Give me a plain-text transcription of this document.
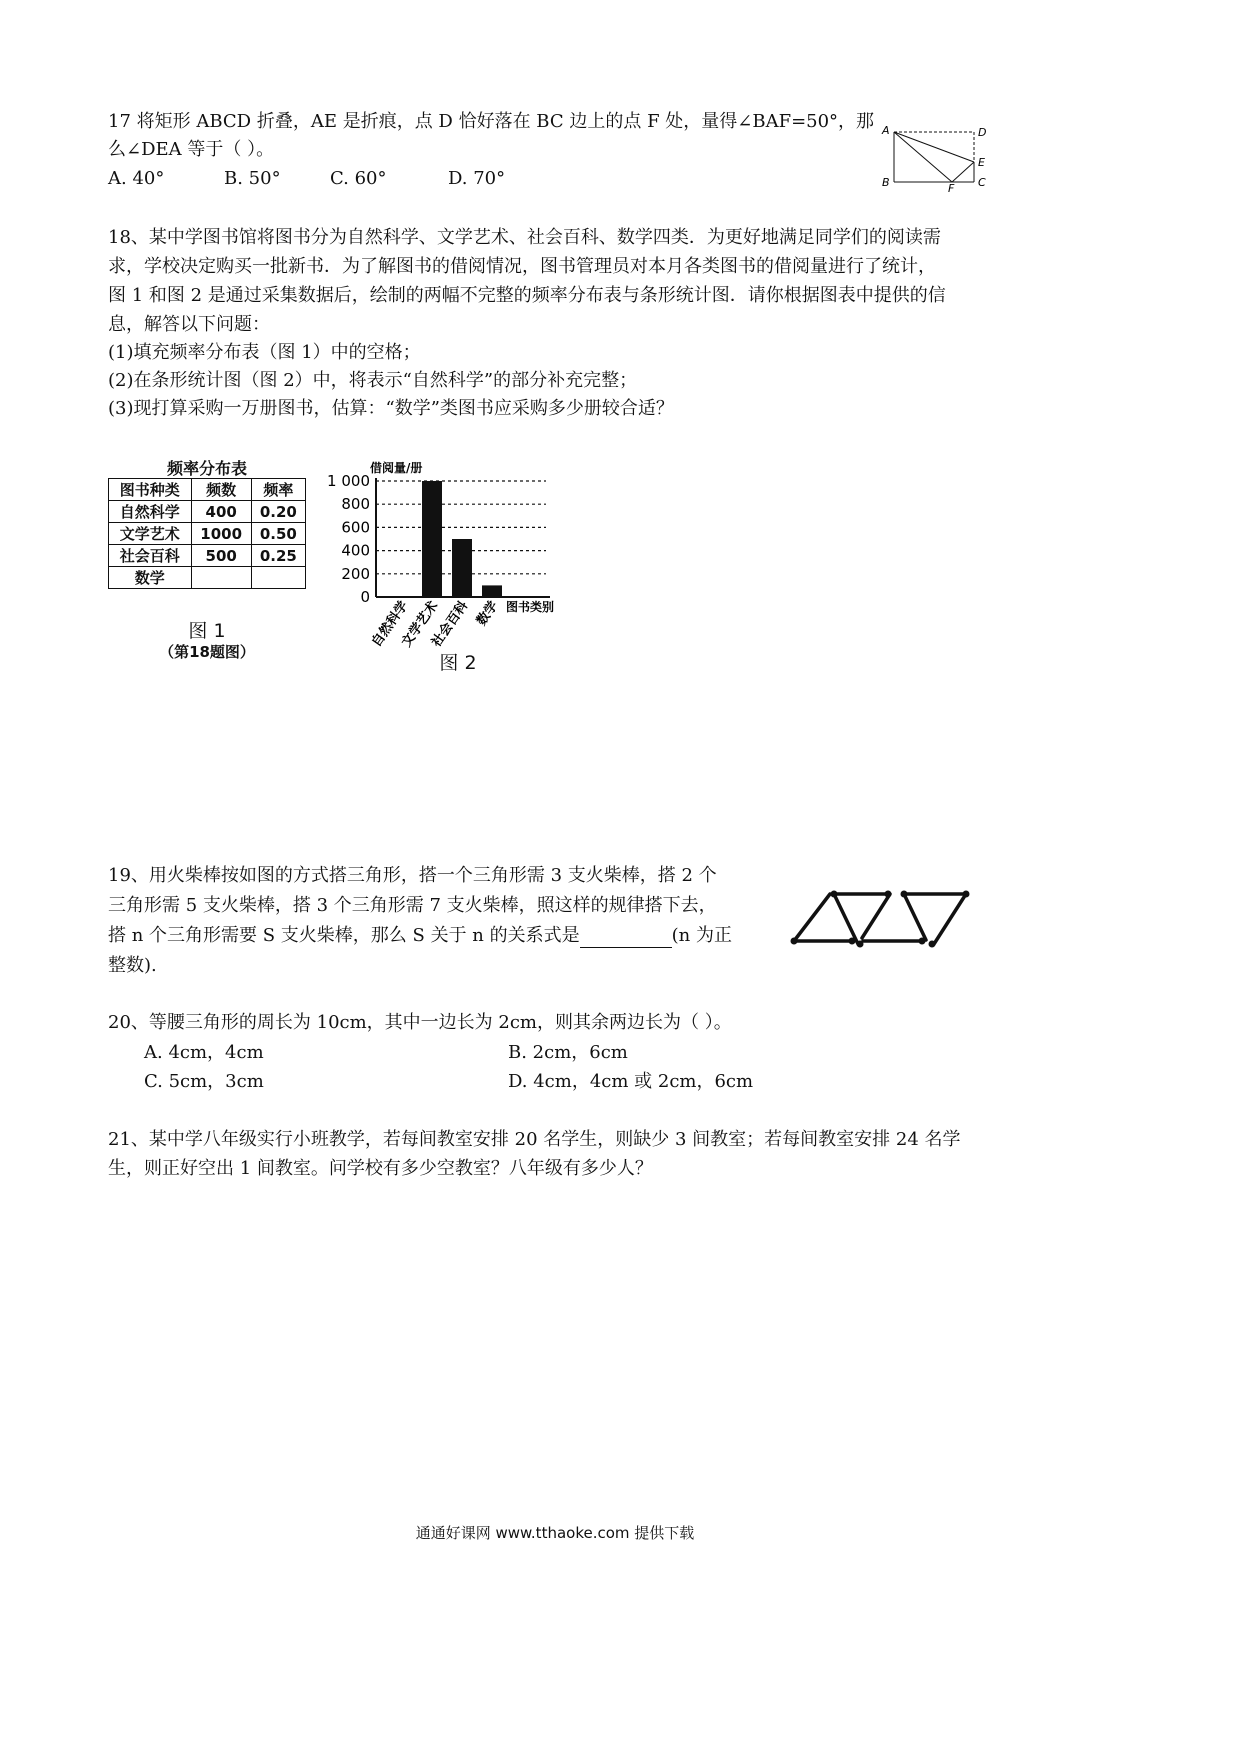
17 将矩形 ABCD 折叠，AE 是折痕，点 D 恰好落在 BC 边上的点 F 处，量得∠BAF=50°，那
么∠DEA 等于（ ）。
A. 40°	B. 50°	C. 60°	D. 70°
A	D
E
B	C
F
18、某中学图书馆将图书分为自然科学、文学艺术、社会百科、数学四类．为更好地满足同学们的阅读需
求，学校决定购买一批新书．为了解图书的借阅情况，图书管理员对本月各类图书的借阅量进行了统计，
图 1 和图 2 是通过采集数据后，绘制的两幅不完整的频率分布表与条形统计图．请你根据图表中提供的信
息，解答以下问题：
(1)填充频率分布表（图 1）中的空格；
(2)在条形统计图（图 2）中，将表示“自然科学”的部分补充完整；
(3)现打算采购一万册图书，估算：“数学”类图书应采购多少册较合适？
频率分布表
图书种类	频数	频率
自然科学	400	0.20
文学艺术	1000	0.50
社会百科	500	0.25
数学		
图 1
（第18题图）
借阅量/册
1 000
800
600
400
200
0
自然科学
文学艺术
社会百科 数学 图书类别
图 2
19、用火柴棒按如图的方式搭三角形，搭一个三角形需 3 支火柴棒，搭 2 个
三角形需 5 支火柴棒，搭 3 个三角形需 7 支火柴棒，照这样的规律搭下去，
搭 n 个三角形需要 S 支火柴棒，那么 S 关于 n 的关系式是	(n 为正
整数).
20、等腰三角形的周长为 10cm，其中一边长为 2cm，则其余两边长为（ ）。
A. 4cm，4cm	B. 2cm，6cm
C. 5cm，3cm	D. 4cm，4cm 或 2cm，6cm
21、某中学八年级实行小班教学，若每间教室安排 20 名学生，则缺少 3 间教室；若每间教室安排 24 名学
生，则正好空出 1 间教室。问学校有多少空教室？八年级有多少人？
通通好课网 www.tthaoke.com 提供下载
